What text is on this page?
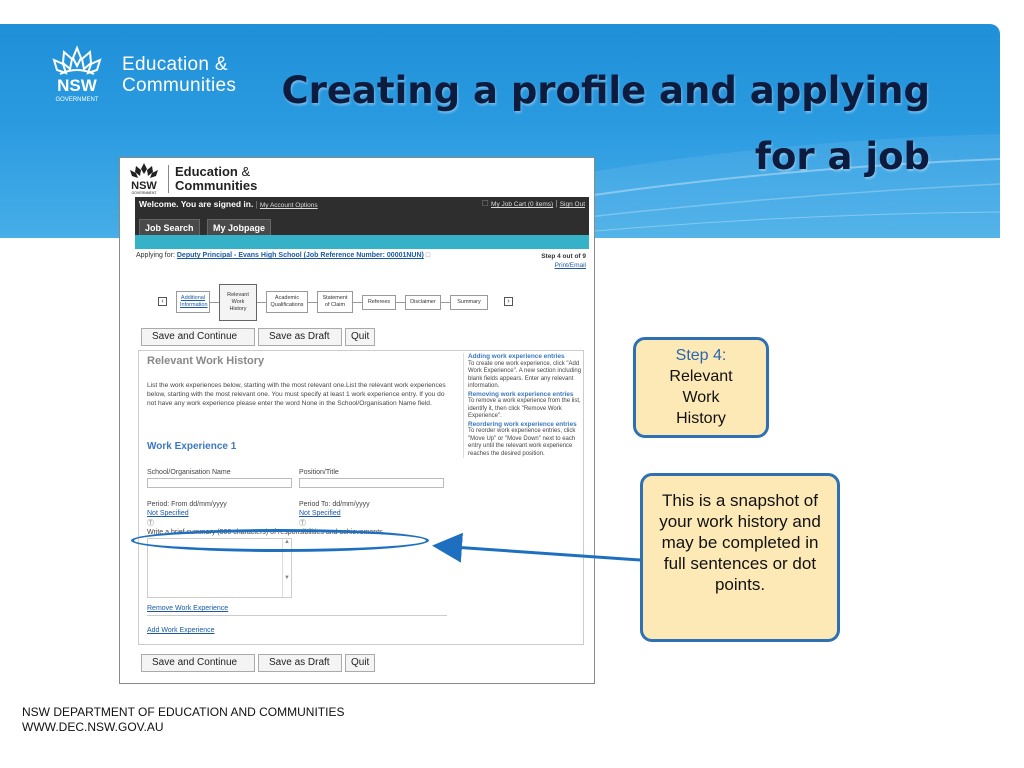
NSW
GOVERNMENT
Education &
Communities	Creating a profile and applying
for a job
NSW
GOVERNMENT
Education &
Communities
Welcome. You are signed in. | My Account Options	☐ My Job Cart (0 items) | Sign Out
Job Search	My Jobpage
Applying for: Deputy Principal - Evans High School (Job Reference Number: 00001NUN) □	Step 4 out of 9
Print/Email
‹	Additional Information
Relevant Work History
Academic Qualifications
Statement of Claim
Referees	Disclaimer	Summary	›
Save and Continue	Save as Draft	Quit
Relevant Work History
List the work experiences below, starting with the most relevant one.List the relevant work experiences below, starting with the most relevant one. You must specify at least 1 work experience entry. If you do not have any work experience please enter the word None in the School/Organisation Name field.
Work Experience 1
School/Organisation Name	Position/Title
Period: From dd/mm/yyyy
Not Specified
Ⓣ
Period To: dd/mm/yyyy
Not Specified
Ⓣ
Write a brief summary (500 characters) of responsibilities and achievements
▲

▼
Remove Work Experience
Add Work Experience
Adding work experience entries
To create one work experience, click "Add Work Experience". A new section including blank fields appears. Enter any relevant information.
Removing work experience entries
To remove a work experience from the list, identify it, then click "Remove Work Experience".
Reordering work experience entries
To reorder work experience entries, click "Move Up" or "Move Down" next to each entry until the relevant work experience reaches the desired position.
Save and Continue	Save as Draft	Quit
Step 4:
Relevant
Work
History
This is a snapshot of your work history and may be completed in full sentences or dot points.
NSW DEPARTMENT OF EDUCATION AND COMMUNITIES
WWW.DEC.NSW.GOV.AU
